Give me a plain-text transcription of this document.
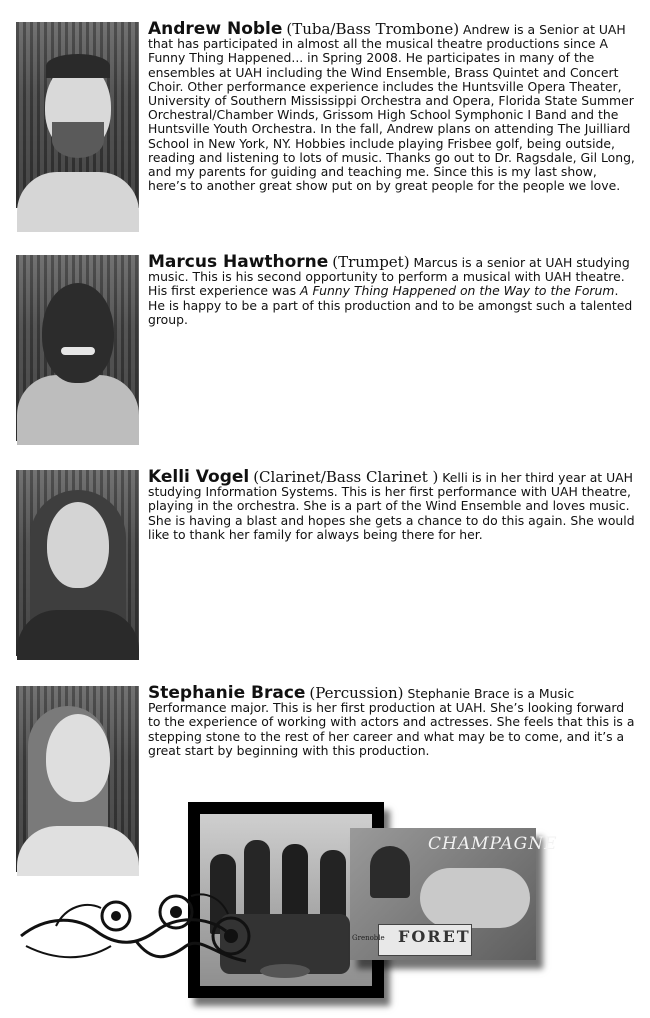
Andrew Noble (Tuba/Bass Trombone) Andrew is a Senior at UAH that has participated in almost all the musical theatre productions since A Funny Thing Happened... in Spring 2008. He participates in many of the ensembles at UAH including the Wind Ensemble, Brass Quintet and Concert Choir. Other performance experience includes the Huntsville Opera Theater, University of Southern Mississippi Orchestra and Opera, Florida State Summer Orchestral/Chamber Winds, Grissom High School Symphonic I Band and the Huntsville Youth Orchestra. In the fall, Andrew plans on attending The Juilliard School in New York, NY. Hobbies include playing Frisbee golf, being outside, reading and listening to lots of music. Thanks go out to Dr. Ragsdale, Gil Long, and my parents for guiding and teaching me. Since this is my last show, here’s to another great show put on by great people for the people we love.
Marcus Hawthorne (Trumpet) Marcus is a senior at UAH studying music. This is his second opportunity to perform a musical with UAH theatre. His first experience was A Funny Thing Happened on the Way to the Forum. He is happy to be a part of this production and to be amongst such a talented group.
Kelli Vogel (Clarinet/Bass Clarinet ) Kelli is in her third year at UAH studying Information Systems. This is her first performance with UAH theatre, playing in the orchestra. She is a part of the Wind Ensemble and loves music. She is having a blast and hopes she gets a chance to do this again. She would like to thank her family for always being there for her.
Stephanie Brace (Percussion) Stephanie Brace is a Music Performance major. This is her first production at UAH. She’s looking forward to the experience of working with actors and actresses. She feels that this is a stepping stone to the rest of her career and what may be to come, and it’s a great start by beginning with this production.
CHAMPAGNE
FORET
Grenoble
